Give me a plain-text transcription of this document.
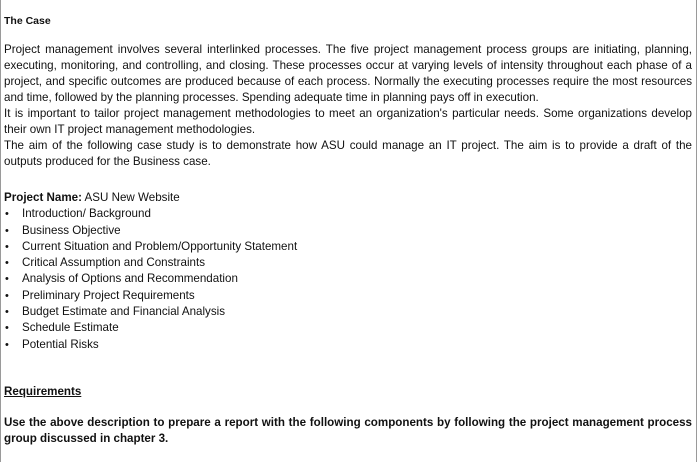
The Case

Project management involves several interlinked processes. The five project management process groups are initiating, planning, executing, monitoring, and controlling, and closing. These processes occur at varying levels of intensity throughout each phase of a project, and specific outcomes are produced because of each process. Normally the executing processes require the most resources and time, followed by the planning processes. Spending adequate time in planning pays off in execution.

It is important to tailor project management methodologies to meet an organization's particular needs. Some organizations develop their own IT project management methodologies.

The aim of the following case study is to demonstrate how ASU could manage an IT project. The aim is to provide a draft of the outputs produced for the Business case.

Project Name: ASU New Website

• Introduction/ Background
• Business Objective
• Current Situation and Problem/Opportunity Statement
• Critical Assumption and Constraints
• Analysis of Options and Recommendation
• Preliminary Project Requirements
• Budget Estimate and Financial Analysis
• Schedule Estimate
• Potential Risks
Requirements

Use the above description to prepare a report with the following components by following the project management process group discussed in chapter 3.
